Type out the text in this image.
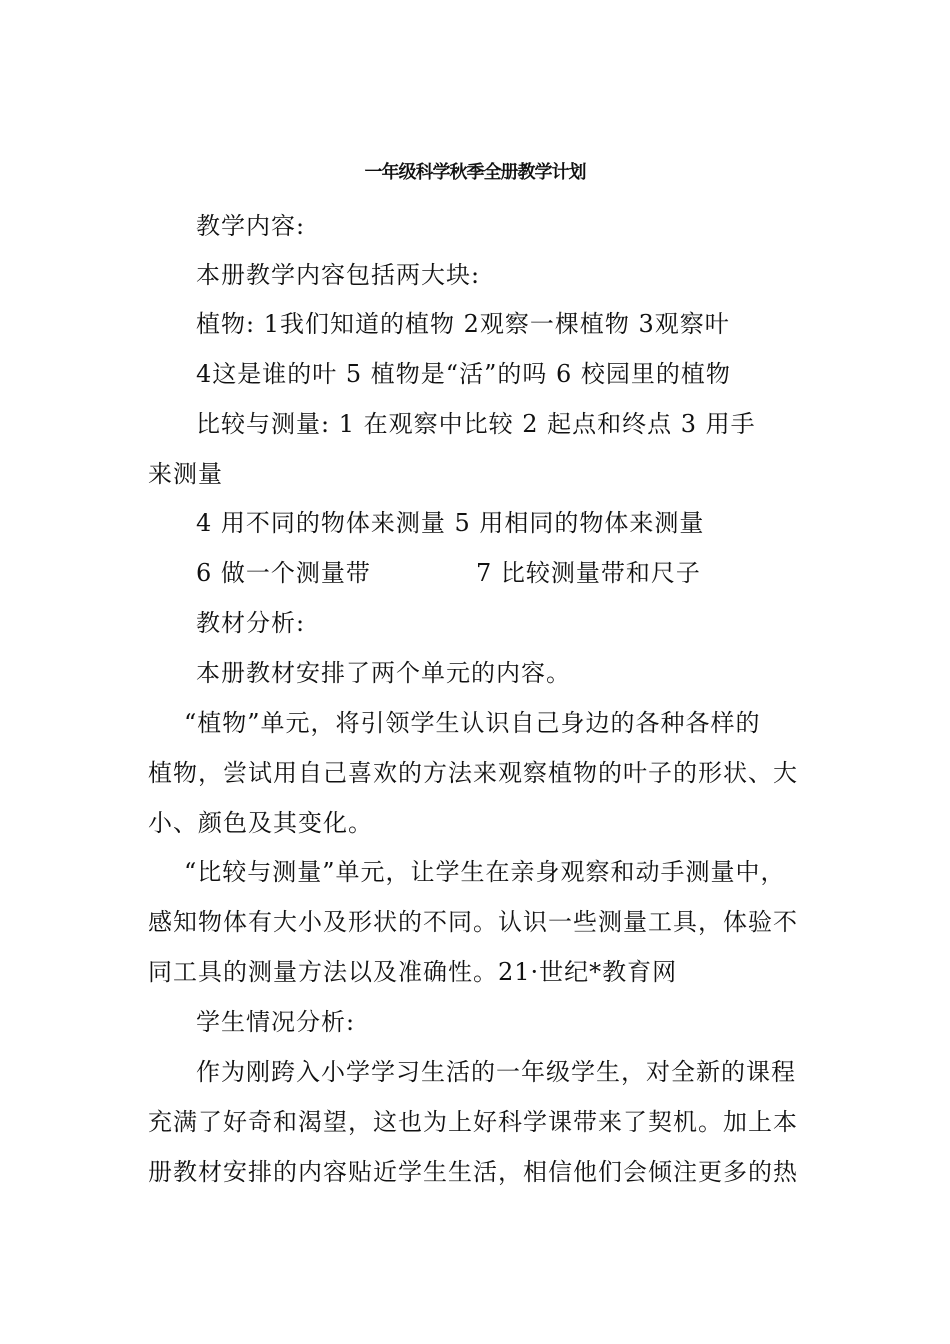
一年级科学秋季全册教学计划
教学内容:
本册教学内容包括两大块:
植物: 1我们知道的植物 2观察一棵植物 3观察叶
4这是谁的叶 5 植物是“活”的吗 6 校园里的植物
比较与测量: 1 在观察中比较 2 起点和终点 3 用手
来测量
4 用不同的物体来测量 5 用相同的物体来测量
6 做一个测量带	7 比较测量带和尺子
教材分析:
本册教材安排了两个单元的内容。
“植物”单元，将引领学生认识自己身边的各种各样的
植物，尝试用自己喜欢的方法来观察植物的叶子的形状、大
小、颜色及其变化。
“比较与测量”单元，让学生在亲身观察和动手测量中，
感知物体有大小及形状的不同。认识一些测量工具，体验不
同工具的测量方法以及准确性。21·世纪*教育网
学生情况分析:
作为刚跨入小学学习生活的一年级学生，对全新的课程
充满了好奇和渴望，这也为上好科学课带来了契机。加上本
册教材安排的内容贴近学生生活，相信他们会倾注更多的热
